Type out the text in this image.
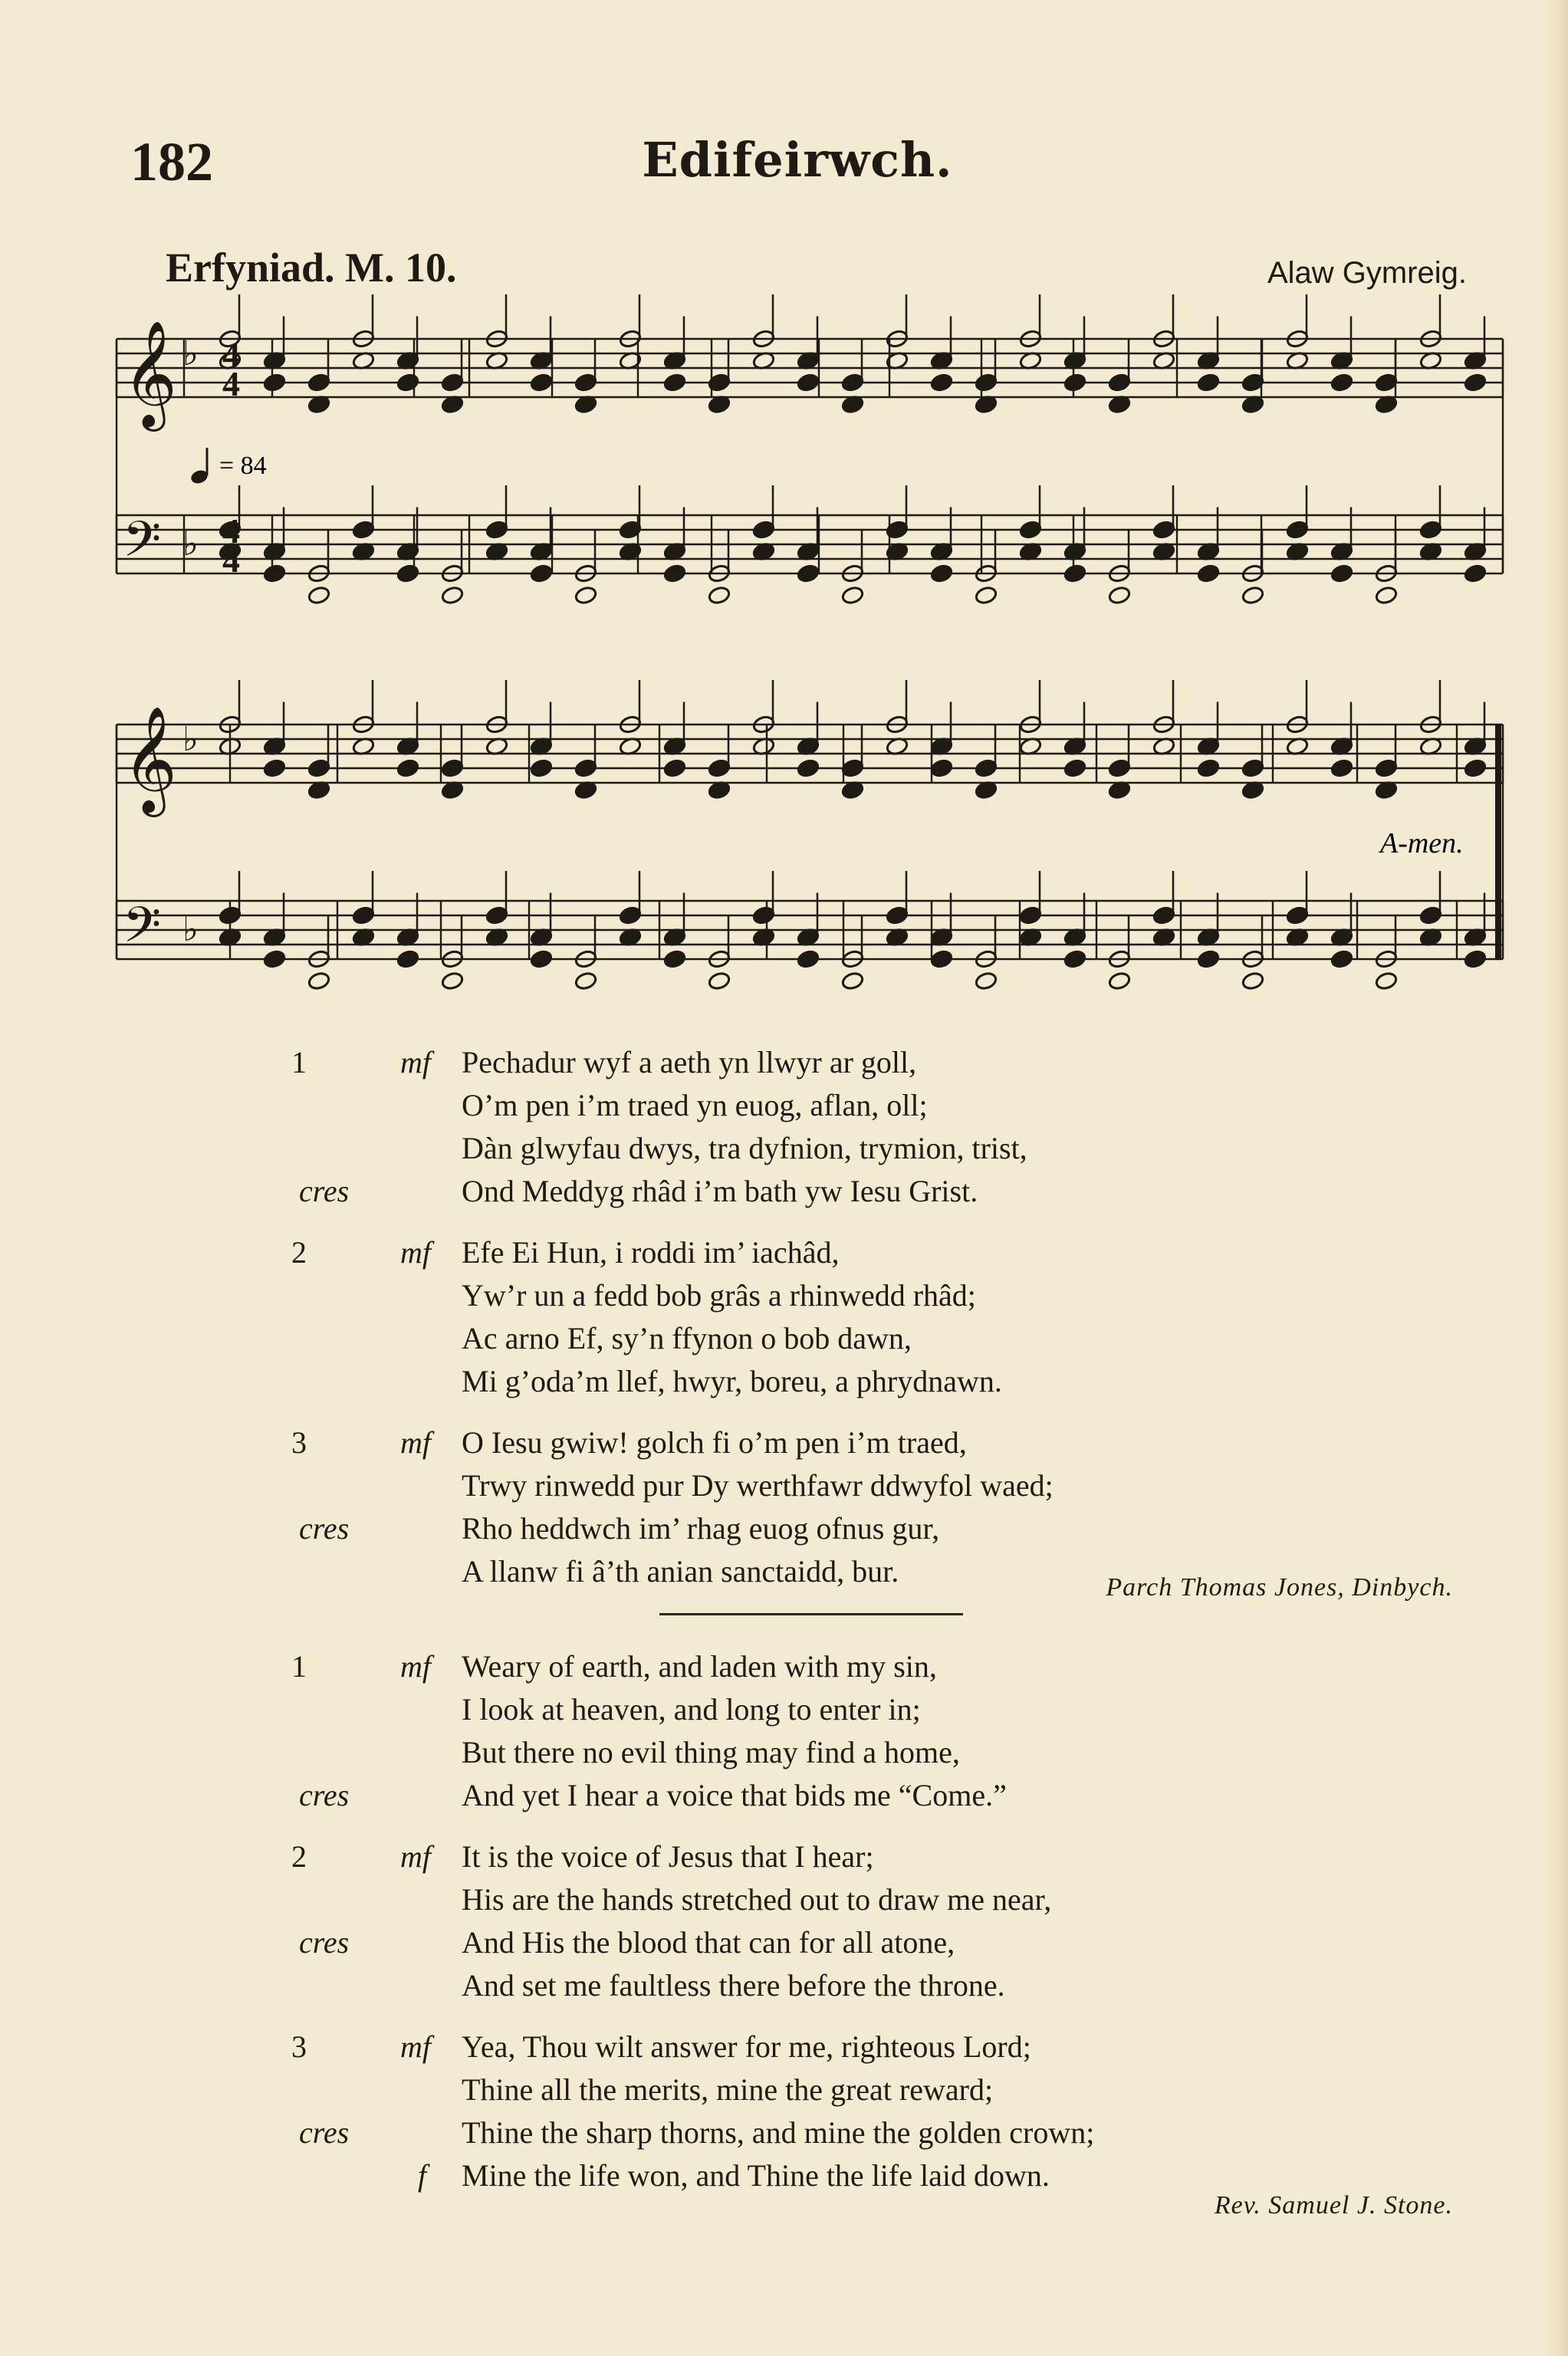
182	Edifeirwch.
Erfyniad. M. 10.	Alaw Gymreig.
𝄞 ♭
𝄢 ♭
𝄞 ♭
𝄢 ♭
4
4
4
4
= 84
A-men.
1	mf Pechadur wyf a aeth yn llwyr ar goll,
O’m pen i’m traed yn euog, aflan, oll;
Dàn glwyfau dwys, tra dyfnion, trymion, trist,
cres	Ond Meddyg rhâd i’m bath yw Iesu Grist.
2	mf Efe Ei Hun, i roddi im’ iachâd,
Yw’r un a fedd bob grâs a rhinwedd rhâd;
Ac arno Ef, sy’n ffynon o bob dawn,
Mi g’oda’m llef, hwyr, boreu, a phrydnawn.
3	mf O Iesu gwiw! golch fi o’m pen i’m traed,
Trwy rinwedd pur Dy werthfawr ddwyfol waed;
cres	Rho heddwch im’ rhag euog ofnus gur,
A llanw fi â’th anian sanctaidd, bur.	Parch Thomas Jones, Dinbych.
1	mf Weary of earth, and laden with my sin,
I look at heaven, and long to enter in;
But there no evil thing may find a home,
cres	And yet I hear a voice that bids me “Come.”
2	mf It is the voice of Jesus that I hear;
His are the hands stretched out to draw me near,
cres	And His the blood that can for all atone,
And set me faultless there before the throne.
3	mf Yea, Thou wilt answer for me, righteous Lord;
Thine all the merits, mine the great reward;
cres	Thine the sharp thorns, and mine the golden crown;
f Mine the life won, and Thine the life laid down.
Rev. Samuel J. Stone.
